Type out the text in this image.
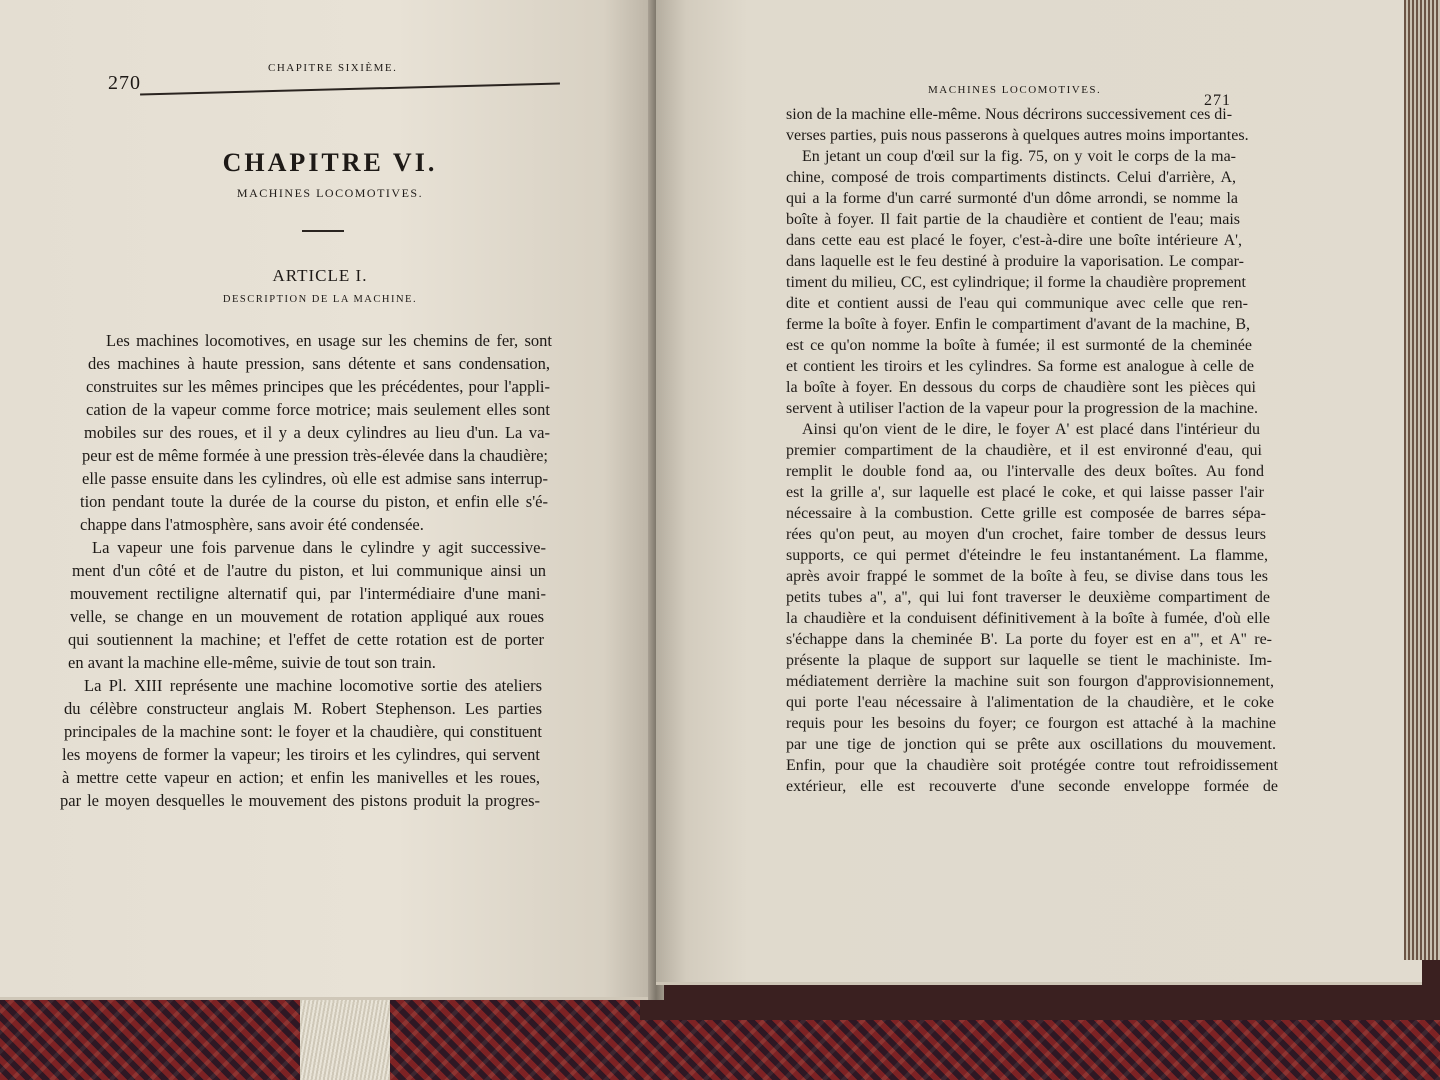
270
CHAPITRE SIXIÈME.
CHAPITRE VI.
MACHINES LOCOMOTIVES.
ARTICLE I.
DESCRIPTION DE LA MACHINE.
Les machines locomotives, en usage sur les chemins de fer, sont
des machines à haute pression, sans détente et sans condensation,
construites sur les mêmes principes que les précédentes, pour l'appli-
cation de la vapeur comme force motrice; mais seulement elles sont
mobiles sur des roues, et il y a deux cylindres au lieu d'un. La va-
peur est de même formée à une pression très-élevée dans la chaudière;
elle passe ensuite dans les cylindres, où elle est admise sans interrup-
tion pendant toute la durée de la course du piston, et enfin elle s'é-
chappe dans l'atmosphère, sans avoir été condensée.
La vapeur une fois parvenue dans le cylindre y agit successive-
ment d'un côté et de l'autre du piston, et lui communique ainsi un
mouvement rectiligne alternatif qui, par l'intermédiaire d'une mani-
velle, se change en un mouvement de rotation appliqué aux roues
qui soutiennent la machine; et l'effet de cette rotation est de porter
en avant la machine elle-même, suivie de tout son train.
La Pl. XIII représente une machine locomotive sortie des ateliers
du célèbre constructeur anglais M. Robert Stephenson. Les parties
principales de la machine sont: le foyer et la chaudière, qui constituent
les moyens de former la vapeur; les tiroirs et les cylindres, qui servent
à mettre cette vapeur en action; et enfin les manivelles et les roues,
par le moyen desquelles le mouvement des pistons produit la progres-
MACHINES LOCOMOTIVES.
271
sion de la machine elle-même. Nous décrirons successivement ces di-
verses parties, puis nous passerons à quelques autres moins importantes.
En jetant un coup d'œil sur la fig. 75, on y voit le corps de la ma-
chine, composé de trois compartiments distincts. Celui d'arrière, A,
qui a la forme d'un carré surmonté d'un dôme arrondi, se nomme la
boîte à foyer. Il fait partie de la chaudière et contient de l'eau; mais
dans cette eau est placé le foyer, c'est-à-dire une boîte intérieure A',
dans laquelle est le feu destiné à produire la vaporisation. Le compar-
timent du milieu, CC, est cylindrique; il forme la chaudière proprement
dite et contient aussi de l'eau qui communique avec celle que ren-
ferme la boîte à foyer. Enfin le compartiment d'avant de la machine, B,
est ce qu'on nomme la boîte à fumée; il est surmonté de la cheminée
et contient les tiroirs et les cylindres. Sa forme est analogue à celle de
la boîte à foyer. En dessous du corps de chaudière sont les pièces qui
servent à utiliser l'action de la vapeur pour la progression de la machine.
Ainsi qu'on vient de le dire, le foyer A' est placé dans l'intérieur du
premier compartiment de la chaudière, et il est environné d'eau, qui
remplit le double fond aa, ou l'intervalle des deux boîtes. Au fond
est la grille a', sur laquelle est placé le coke, et qui laisse passer l'air
nécessaire à la combustion. Cette grille est composée de barres sépa-
rées qu'on peut, au moyen d'un crochet, faire tomber de dessus leurs
supports, ce qui permet d'éteindre le feu instantanément. La flamme,
après avoir frappé le sommet de la boîte à feu, se divise dans tous les
petits tubes a'', a'', qui lui font traverser le deuxième compartiment de
la chaudière et la conduisent définitivement à la boîte à fumée, d'où elle
s'échappe dans la cheminée B'. La porte du foyer est en a''', et A'' re-
présente la plaque de support sur laquelle se tient le machiniste. Im-
médiatement derrière la machine suit son fourgon d'approvisionnement,
qui porte l'eau nécessaire à l'alimentation de la chaudière, et le coke
requis pour les besoins du foyer; ce fourgon est attaché à la machine
par une tige de jonction qui se prête aux oscillations du mouvement.
Enfin, pour que la chaudière soit protégée contre tout refroidissement
extérieur, elle est recouverte d'une seconde enveloppe formée de
